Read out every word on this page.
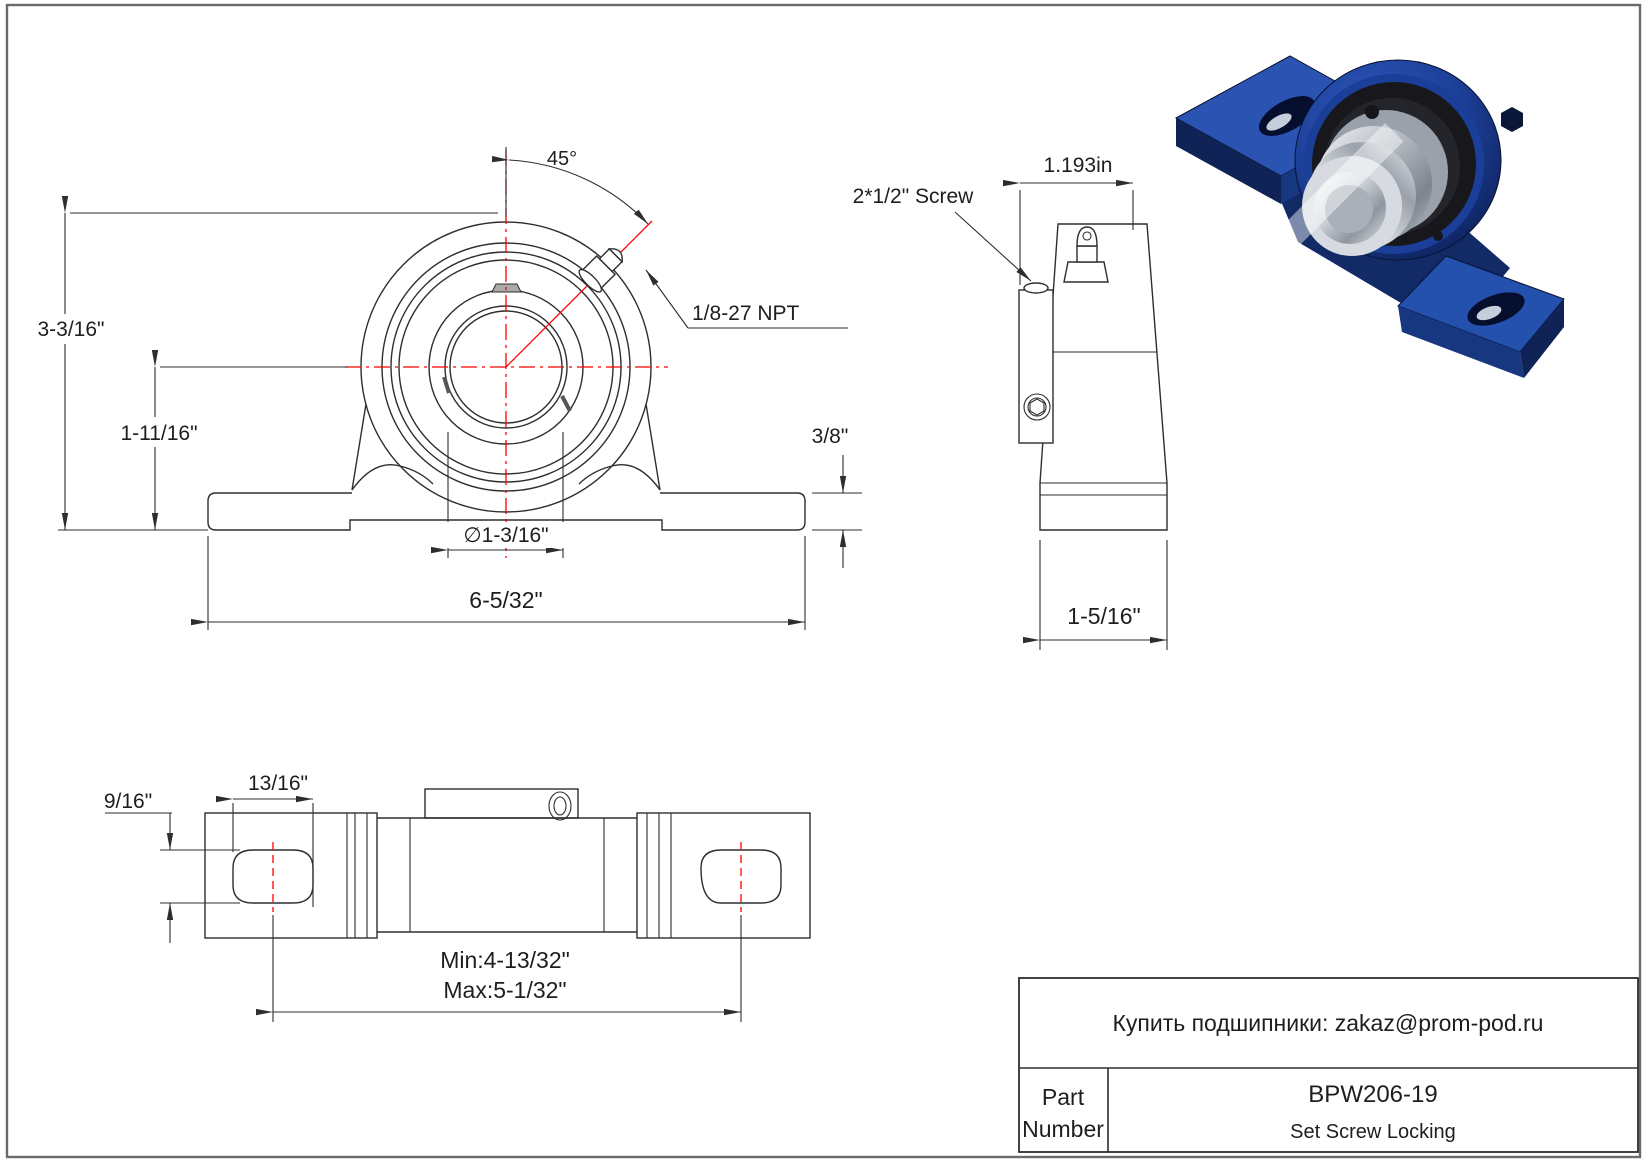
45°
3-3/16"
1-11/16"
1/8-27 NPT
3/8"
∅1-3/16"
6-5/32"
1.193in
2*1/2" Screw
1-5/16"
13/16"
9/16"
Min:4-13/32"
Max:5-1/32"
Купить подшипники: zakaz@prom-pod.ru
Part
Number
BPW206-19
Set Screw Locking
